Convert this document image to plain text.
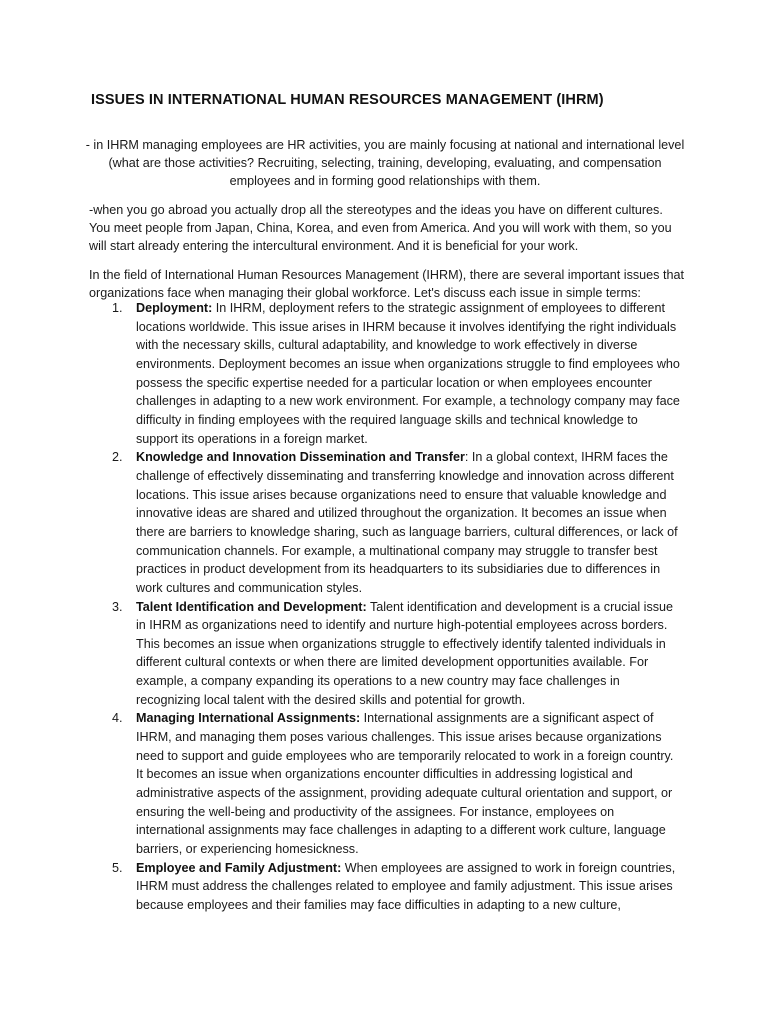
ISSUES IN INTERNATIONAL HUMAN RESOURCES MANAGEMENT (IHRM)

- in IHRM managing employees are HR activities, you are mainly focusing at national and international level (what are those activities? Recruiting, selecting, training, developing, evaluating, and compensation employees and in forming good relationships with them.

-when you go abroad you actually drop all the stereotypes and the ideas you have on different cultures. You meet people from Japan, China, Korea, and even from America. And you will work with them, so you will start already entering the intercultural environment. And it is beneficial for your work.

In the field of International Human Resources Management (IHRM), there are several important issues that organizations face when managing their global workforce. Let's discuss each issue in simple terms:

1. Deployment: In IHRM, deployment refers to the strategic assignment of employees to different locations worldwide. This issue arises in IHRM because it involves identifying the right individuals with the necessary skills, cultural adaptability, and knowledge to work effectively in diverse environments. Deployment becomes an issue when organizations struggle to find employees who possess the specific expertise needed for a particular location or when employees encounter challenges in adapting to a new work environment. For example, a technology company may face difficulty in finding employees with the required language skills and technical knowledge to support its operations in a foreign market.
2. Knowledge and Innovation Dissemination and Transfer: In a global context, IHRM faces the challenge of effectively disseminating and transferring knowledge and innovation across different locations. This issue arises because organizations need to ensure that valuable knowledge and innovative ideas are shared and utilized throughout the organization. It becomes an issue when there are barriers to knowledge sharing, such as language barriers, cultural differences, or lack of communication channels. For example, a multinational company may struggle to transfer best practices in product development from its headquarters to its subsidiaries due to differences in work cultures and communication styles.
3. Talent Identification and Development: Talent identification and development is a crucial issue in IHRM as organizations need to identify and nurture high-potential employees across borders. This becomes an issue when organizations struggle to effectively identify talented individuals in different cultural contexts or when there are limited development opportunities available. For example, a company expanding its operations to a new country may face challenges in recognizing local talent with the desired skills and potential for growth.
4. Managing International Assignments: International assignments are a significant aspect of IHRM, and managing them poses various challenges. This issue arises because organizations need to support and guide employees who are temporarily relocated to work in a foreign country. It becomes an issue when organizations encounter difficulties in addressing logistical and administrative aspects of the assignment, providing adequate cultural orientation and support, or ensuring the well-being and productivity of the assignees. For instance, employees on international assignments may face challenges in adapting to a different work culture, language barriers, or experiencing homesickness.
5. Employee and Family Adjustment: When employees are assigned to work in foreign countries, IHRM must address the challenges related to employee and family adjustment. This issue arises because employees and their families may face difficulties in adapting to a new culture,
